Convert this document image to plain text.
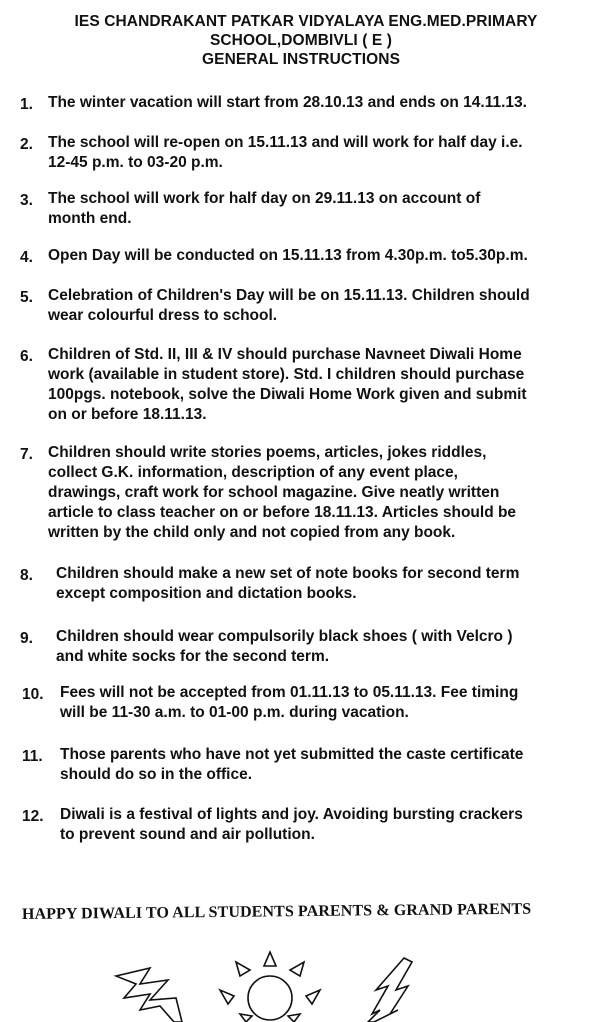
IES CHANDRAKANT PATKAR VIDYALAYA ENG.MED.PRIMARY
SCHOOL,DOMBIVLI ( E )
GENERAL INSTRUCTIONS
1. The winter vacation will start from 28.10.13 and ends on 14.11.13.
2. The school will re-open on 15.11.13 and will work for half day i.e.
12-45 p.m. to 03-20 p.m.
3. The school will work for half day on 29.11.13 on account of
month end.
4. Open Day will be conducted on 15.11.13 from 4.30p.m. to5.30p.m.
5. Celebration of Children's Day will be on 15.11.13. Children should
wear colourful dress to school.
6. Children of Std. II, III & IV should purchase Navneet Diwali Home
work (available in student store). Std. I children should purchase
100pgs. notebook, solve the Diwali Home Work given and submit
on or before 18.11.13.
7. Children should write stories poems, articles, jokes riddles,
collect G.K. information, description of any event place,
drawings, craft work for school magazine. Give neatly written
article to class teacher on or before 18.11.13. Articles should be
written by the child only and not copied from any book.
8.	Children should make a new set of note books for second term
except composition and dictation books.
9.	Children should wear compulsorily black shoes ( with Velcro )
and white socks for the second term.
10.	Fees will not be accepted from 01.11.13 to 05.11.13. Fee timing
will be 11-30 a.m. to 01-00 p.m. during vacation.
11.	Those parents who have not yet submitted the caste certificate
should do so in the office.
12.	Diwali is a festival of lights and joy. Avoiding bursting crackers
to prevent sound and air pollution.
HAPPY DIWALI TO ALL STUDENTS PARENTS & GRAND PARENTS
